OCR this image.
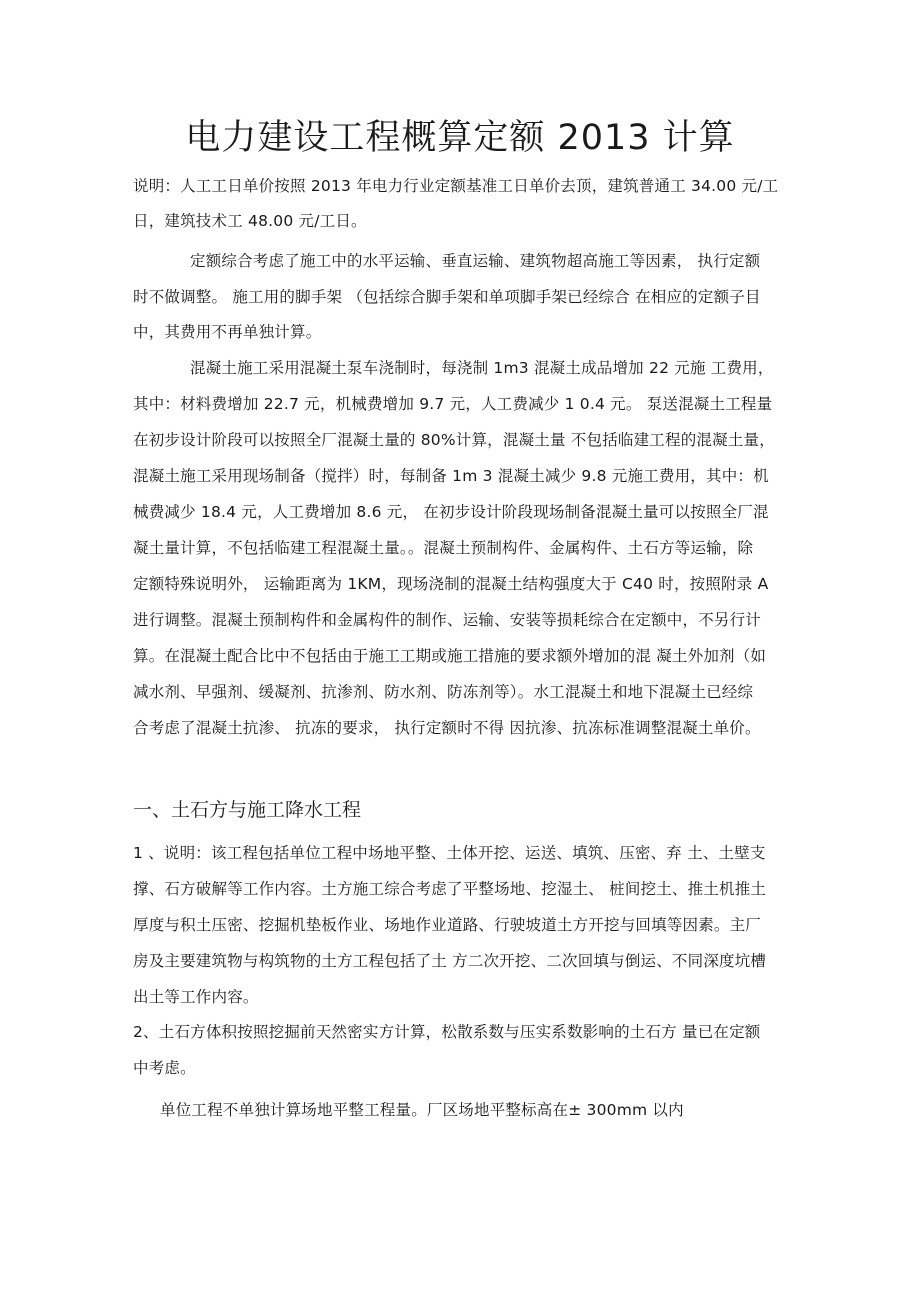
电力建设工程概算定额 2013 计算
说明：人工工日单价按照 2013 年电力行业定额基准工日单价去顶，建筑普通工 34.00 元/工
日，建筑技术工 48.00 元/工日。
定额综合考虑了施工中的水平运输、垂直运输、建筑物超高施工等因素， 执行定额
时不做调整。 施工用的脚手架 （包括综合脚手架和单项脚手架已经综合 在相应的定额子目
中，其费用不再单独计算。
混凝土施工采用混凝土泵车浇制时，每浇制 1m3 混凝土成品增加 22 元施 工费用，
其中：材料费增加 22.7 元，机械费增加 9.7 元，人工费减少 1 0.4 元。 泵送混凝土工程量
在初步设计阶段可以按照全厂混凝土量的 80%计算，混凝土量 不包括临建工程的混凝土量，
混凝土施工采用现场制备（搅拌）时，每制备 1m 3 混凝土减少 9.8 元施工费用，其中：机
械费减少 18.4 元，人工费增加 8.6 元， 在初步设计阶段现场制备混凝土量可以按照全厂混
凝土量计算，不包括临建工程混凝土量。。混凝土预制构件、金属构件、土石方等运输，除
定额特殊说明外， 运输距离为 1KM，现场浇制的混凝土结构强度大于 C40 时，按照附录 A
进行调整。混凝土预制构件和金属构件的制作、运输、安装等损耗综合在定额中，不另行计
算。在混凝土配合比中不包括由于施工工期或施工措施的要求额外增加的混 凝土外加剂（如
减水剂、早强剂、缓凝剂、抗渗剂、防水剂、防冻剂等）。水工混凝土和地下混凝土已经综
合考虑了混凝土抗渗、 抗冻的要求， 执行定额时不得 因抗渗、抗冻标准调整混凝土单价。
一、土石方与施工降水工程
1 、说明：该工程包括单位工程中场地平整、土体开挖、运送、填筑、压密、弃 土、土壁支
撑、石方破解等工作内容。土方施工综合考虑了平整场地、挖湿土、 桩间挖土、推土机推土
厚度与积土压密、挖掘机垫板作业、场地作业道路、行驶坡道土方开挖与回填等因素。主厂
房及主要建筑物与构筑物的土方工程包括了土 方二次开挖、二次回填与倒运、不同深度坑槽
出土等工作内容。
2、土石方体积按照挖掘前天然密实方计算，松散系数与压实系数影响的土石方 量已在定额
中考虑。
单位工程不单独计算场地平整工程量。厂区场地平整标高在± 300mm 以内
